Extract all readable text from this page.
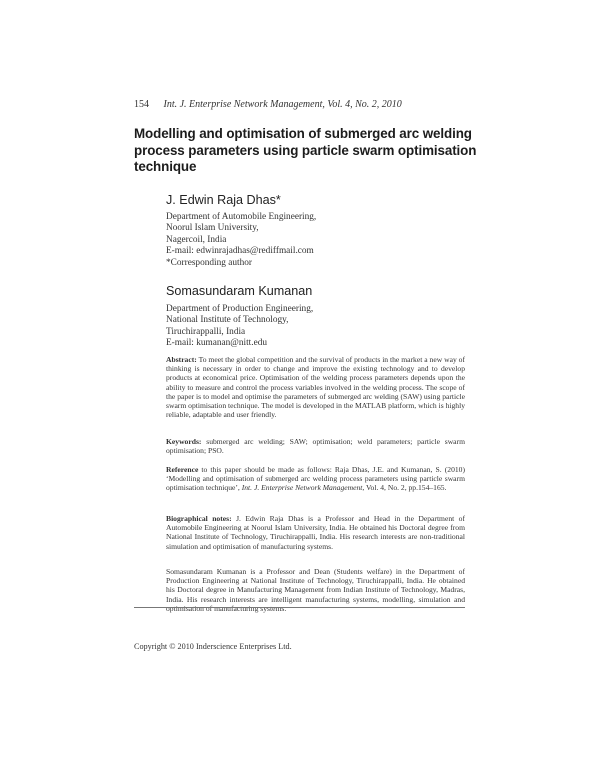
154 Int. J. Enterprise Network Management, Vol. 4, No. 2, 2010
Modelling and optimisation of submerged arc welding process parameters using particle swarm optimisation technique
J. Edwin Raja Dhas*
Department of Automobile Engineering,
Noorul Islam University,
Nagercoil, India
E-mail: edwinrajadhas@rediffmail.com
*Corresponding author
Somasundaram Kumanan
Department of Production Engineering,
National Institute of Technology,
Tiruchirappalli, India
E-mail: kumanan@nitt.edu
Abstract: To meet the global competition and the survival of products in the market a new way of thinking is necessary in order to change and improve the existing technology and to develop products at economical price. Optimisation of the welding process parameters depends upon the ability to measure and control the process variables involved in the welding process. The scope of the paper is to model and optimise the parameters of submerged arc welding (SAW) using particle swarm optimisation technique. The model is developed in the MATLAB platform, which is highly reliable, adaptable and user friendly.
Keywords: submerged arc welding; SAW; optimisation; weld parameters; particle swarm optimisation; PSO.
Reference to this paper should be made as follows: Raja Dhas, J.E. and Kumanan, S. (2010) ‘Modelling and optimisation of submerged arc welding process parameters using particle swarm optimisation technique’, Int. J. Enterprise Network Management, Vol. 4, No. 2, pp.154–165.
Biographical notes: J. Edwin Raja Dhas is a Professor and Head in the Department of Automobile Engineering at Noorul Islam University, India. He obtained his Doctoral degree from National Institute of Technology, Tiruchirappalli, India. His research interests are non-traditional simulation and optimisation of manufacturing systems.
Somasundaram Kumanan is a Professor and Dean (Students welfare) in the Department of Production Engineering at National Institute of Technology, Tiruchirappalli, India. He obtained his Doctoral degree in Manufacturing Management from Indian Institute of Technology, Madras, India. His research interests are intelligent manufacturing systems, modelling, simulation and optimisation of manufacturing systems.
Copyright © 2010 Inderscience Enterprises Ltd.
